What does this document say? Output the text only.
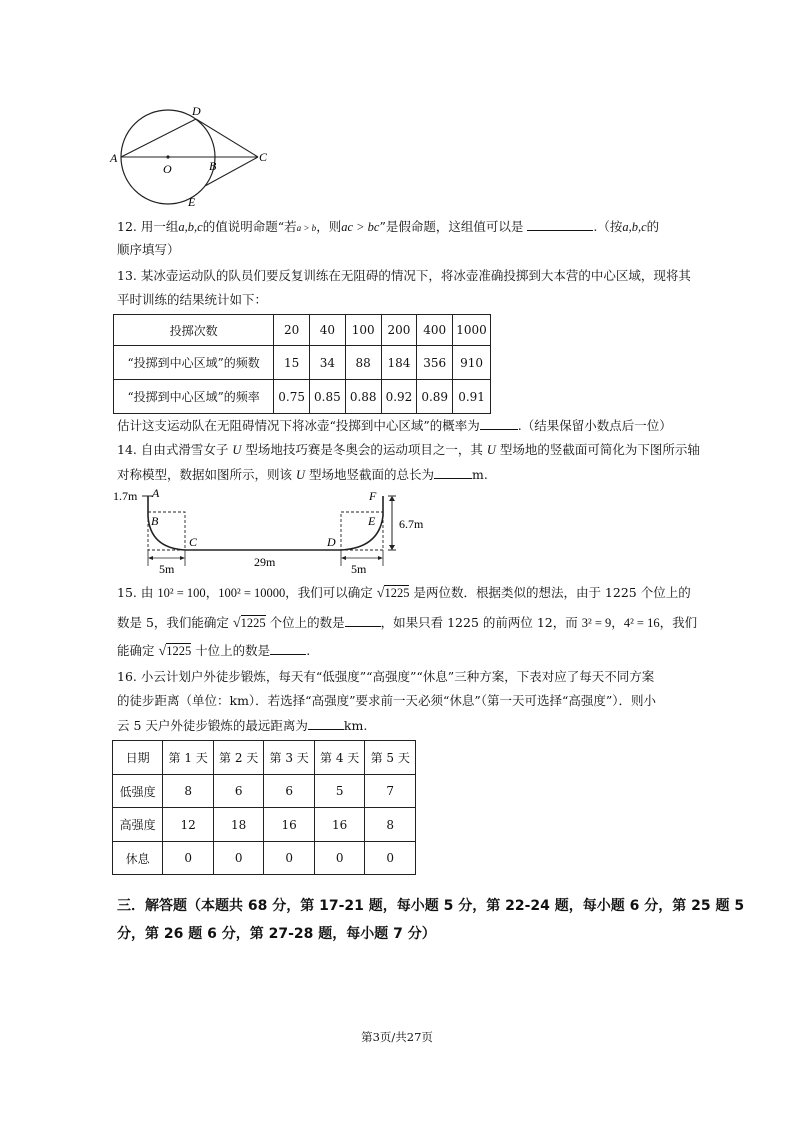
D
A
O	B
C
E
12. 用一组a,b,c的值说明命题“若a > b，则ac > bc”是假命题，这组值可以是	.（按a,b,c的
顺序填写）
13. 某冰壶运动队的队员们要反复训练在无阻碍的情况下，将冰壶准确投掷到大本营的中心区域，现将其
平时训练的结果统计如下：
投掷次数	20	40	100	200	400	1000
“投掷到中心区域”的频数	15	34	88	184	356	910
“投掷到中心区域”的频率	0.75	0.85	0.88	0.92	0.89	0.91
估计这支运动队在无阻碍情况下将冰壶“投掷到中心区域”的概率为	.（结果保留小数点后一位）
14. 自由式滑雪女子 U 型场地技巧赛是冬奥会的运动项目之一，其 U 型场地的竖截面可简化为下图所示轴
对称模型，数据如图所示，则该 U 型场地竖截面的总长为	m.
1.7m A
B
C	D
E
F
6.7m
5m	29m	5m
15. 由 10² = 100，100² = 10000，我们可以确定 √1225 是两位数．根据类似的想法，由于 1225 个位上的
数是 5，我们能确定 √1225 个位上的数是	，如果只看 1225 的前两位 12，而 3² = 9，4² = 16，我们
能确定 √1225 十位上的数是	.
16. 小云计划户外徒步锻炼，每天有“低强度”“高强度”“休息”三种方案，下表对应了每天不同方案
的徒步距离（单位：km）．若选择“高强度”要求前一天必须“休息”（第一天可选择“高强度”）．则小
云 5 天户外徒步锻炼的最远距离为	km.
日期	第 1 天	第 2 天	第 3 天	第 4 天	第 5 天
低强度	8	6	6	5	7
高强度	12	18	16	16	8
休息	0	0	0	0	0
三．解答题（本题共 68 分，第 17-21 题，每小题 5 分，第 22-24 题，每小题 6 分，第 25 题 5
分，第 26 题 6 分，第 27-28 题，每小题 7 分）
第3页/共27页
